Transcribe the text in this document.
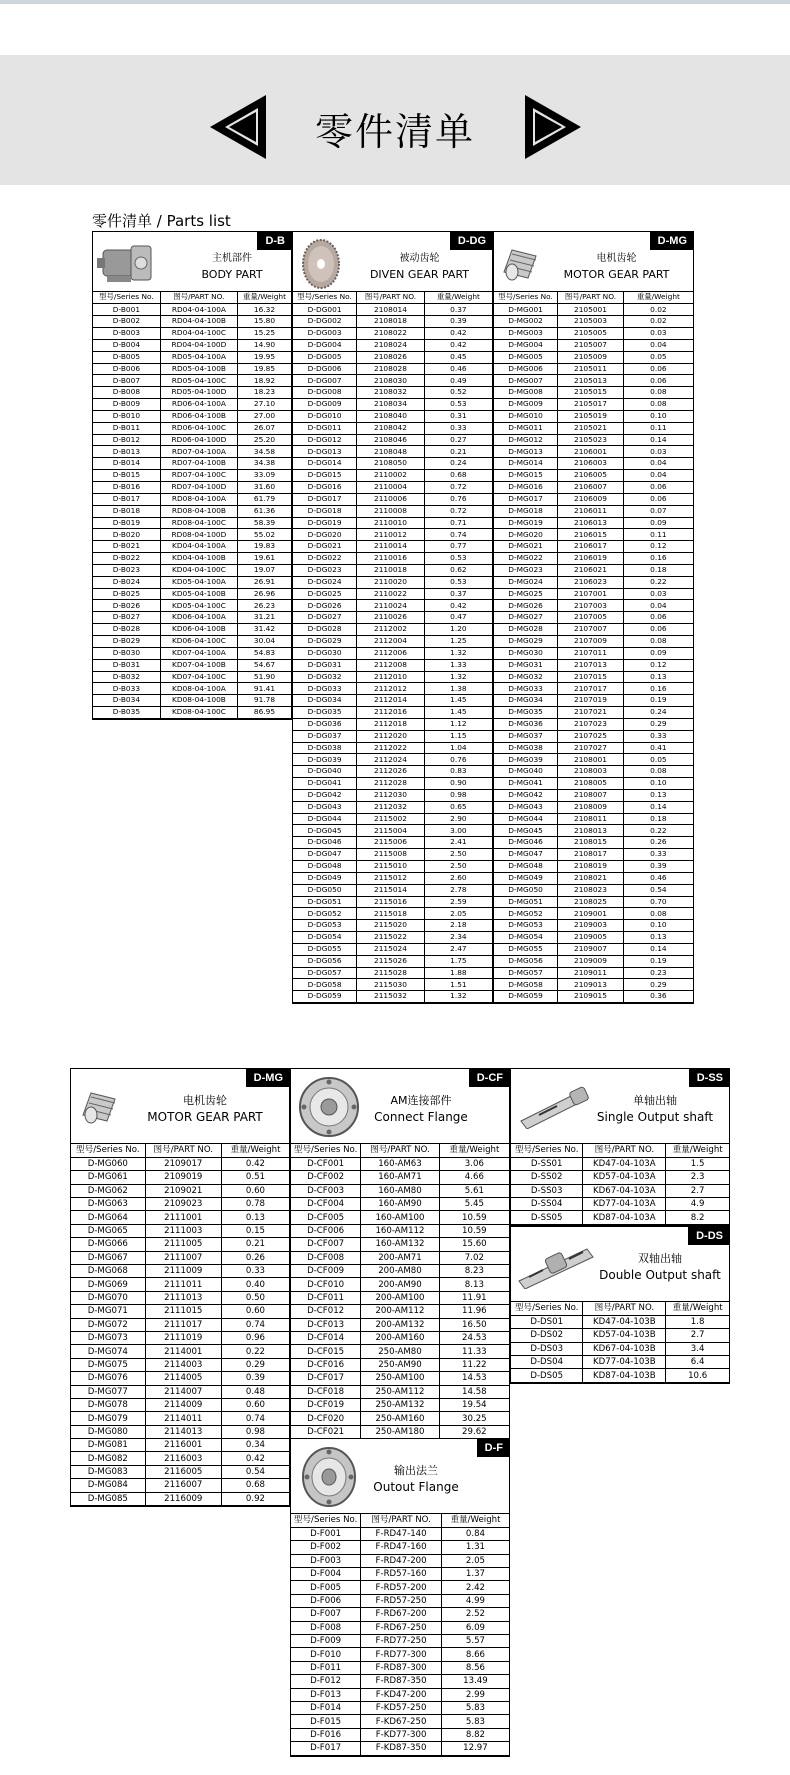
零件清单
零件清单 / Parts list
D-B
主机部件
BODY PART
型号/Series No.	图号/PART NO.	重量/Weight
D-B001	RD04-04-100A	16.32
D-B002	RD04-04-100B	15.80
D-B003	RD04-04-100C	15.25
D-B004	RD04-04-100D	14.90
D-B005	RD05-04-100A	19.95
D-B006	RD05-04-100B	19.85
D-B007	RD05-04-100C	18.92
D-B008	RD05-04-100D	18.23
D-B009	RD06-04-100A	27.10
D-B010	RD06-04-100B	27.00
D-B011	RD06-04-100C	26.07
D-B012	RD06-04-100D	25.20
D-B013	RD07-04-100A	34.58
D-B014	RD07-04-100B	34.38
D-B015	RD07-04-100C	33.09
D-B016	RD07-04-100D	31.60
D-B017	RD08-04-100A	61.79
D-B018	RD08-04-100B	61.36
D-B019	RD08-04-100C	58.39
D-B020	RD08-04-100D	55.02
D-B021	KD04-04-100A	19.83
D-B022	KD04-04-100B	19.61
D-B023	KD04-04-100C	19.07
D-B024	KD05-04-100A	26.91
D-B025	KD05-04-100B	26.96
D-B026	KD05-04-100C	26.23
D-B027	KD06-04-100A	31.21
D-B028	KD06-04-100B	31.42
D-B029	KD06-04-100C	30.04
D-B030	KD07-04-100A	54.83
D-B031	KD07-04-100B	54.67
D-B032	KD07-04-100C	51.90
D-B033	KD08-04-100A	91.41
D-B034	KD08-04-100B	91.78
D-B035	KD08-04-100C	86.95
D-DG
被动齿轮
DIVEN GEAR PART
型号/Series No.	图号/PART NO.	重量/Weight
D-DG001	2108014	0.37
D-DG002	2108018	0.39
D-DG003	2108022	0.42
D-DG004	2108024	0.42
D-DG005	2108026	0.45
D-DG006	2108028	0.46
D-DG007	2108030	0.49
D-DG008	2108032	0.52
D-DG009	2108034	0.53
D-DG010	2108040	0.31
D-DG011	2108042	0.33
D-DG012	2108046	0.27
D-DG013	2108048	0.21
D-DG014	2108050	0.24
D-DG015	2110002	0.68
D-DG016	2110004	0.72
D-DG017	2110006	0.76
D-DG018	2110008	0.72
D-DG019	2110010	0.71
D-DG020	2110012	0.74
D-DG021	2110014	0.77
D-DG022	2110016	0.53
D-DG023	2110018	0.62
D-DG024	2110020	0.53
D-DG025	2110022	0.37
D-DG026	2110024	0.42
D-DG027	2110026	0.47
D-DG028	2112002	1.20
D-DG029	2112004	1.25
D-DG030	2112006	1.32
D-DG031	2112008	1.33
D-DG032	2112010	1.32
D-DG033	2112012	1.38
D-DG034	2112014	1.45
D-DG035	2112016	1.45
D-DG036	2112018	1.12
D-DG037	2112020	1.15
D-DG038	2112022	1.04
D-DG039	2112024	0.76
D-DG040	2112026	0.83
D-DG041	2112028	0.90
D-DG042	2112030	0.98
D-DG043	2112032	0.65
D-DG044	2115002	2.90
D-DG045	2115004	3.00
D-DG046	2115006	2.41
D-DG047	2115008	2.50
D-DG048	2115010	2.50
D-DG049	2115012	2.60
D-DG050	2115014	2.78
D-DG051	2115016	2.59
D-DG052	2115018	2.05
D-DG053	2115020	2.18
D-DG054	2115022	2.34
D-DG055	2115024	2.47
D-DG056	2115026	1.75
D-DG057	2115028	1.88
D-DG058	2115030	1.51
D-DG059	2115032	1.32
D-MG
电机齿轮
MOTOR GEAR PART
型号/Series No.	图号/PART NO.	重量/Weight
D-MG001	2105001	0.02
D-MG002	2105003	0.02
D-MG003	2105005	0.03
D-MG004	2105007	0.04
D-MG005	2105009	0.05
D-MG006	2105011	0.06
D-MG007	2105013	0.06
D-MG008	2105015	0.08
D-MG009	2105017	0.08
D-MG010	2105019	0.10
D-MG011	2105021	0.11
D-MG012	2105023	0.14
D-MG013	2106001	0.03
D-MG014	2106003	0.04
D-MG015	2106005	0.04
D-MG016	2106007	0.06
D-MG017	2106009	0.06
D-MG018	2106011	0.07
D-MG019	2106013	0.09
D-MG020	2106015	0.11
D-MG021	2106017	0.12
D-MG022	2106019	0.16
D-MG023	2106021	0.18
D-MG024	2106023	0.22
D-MG025	2107001	0.03
D-MG026	2107003	0.04
D-MG027	2107005	0.06
D-MG028	2107007	0.06
D-MG029	2107009	0.08
D-MG030	2107011	0.09
D-MG031	2107013	0.12
D-MG032	2107015	0.13
D-MG033	2107017	0.16
D-MG034	2107019	0.19
D-MG035	2107021	0.24
D-MG036	2107023	0.29
D-MG037	2107025	0.33
D-MG038	2107027	0.41
D-MG039	2108001	0.05
D-MG040	2108003	0.08
D-MG041	2108005	0.10
D-MG042	2108007	0.13
D-MG043	2108009	0.14
D-MG044	2108011	0.18
D-MG045	2108013	0.22
D-MG046	2108015	0.26
D-MG047	2108017	0.33
D-MG048	2108019	0.39
D-MG049	2108021	0.46
D-MG050	2108023	0.54
D-MG051	2108025	0.70
D-MG052	2109001	0.08
D-MG053	2109003	0.10
D-MG054	2109005	0.13
D-MG055	2109007	0.14
D-MG056	2109009	0.19
D-MG057	2109011	0.23
D-MG058	2109013	0.29
D-MG059	2109015	0.36
D-MG
电机齿轮
MOTOR GEAR PART
型号/Series No.	图号/PART NO.	重量/Weight
D-MG060	2109017	0.42
D-MG061	2109019	0.51
D-MG062	2109021	0.60
D-MG063	2109023	0.78
D-MG064	2111001	0.13
D-MG065	2111003	0.15
D-MG066	2111005	0.21
D-MG067	2111007	0.26
D-MG068	2111009	0.33
D-MG069	2111011	0.40
D-MG070	2111013	0.50
D-MG071	2111015	0.60
D-MG072	2111017	0.74
D-MG073	2111019	0.96
D-MG074	2114001	0.22
D-MG075	2114003	0.29
D-MG076	2114005	0.39
D-MG077	2114007	0.48
D-MG078	2114009	0.60
D-MG079	2114011	0.74
D-MG080	2114013	0.98
D-MG081	2116001	0.34
D-MG082	2116003	0.42
D-MG083	2116005	0.54
D-MG084	2116007	0.68
D-MG085	2116009	0.92
D-CF
AM连接部件
Connect Flange
型号/Series No.	图号/PART NO.	重量/Weight
D-CF001	160-AM63	3.06
D-CF002	160-AM71	4.66
D-CF003	160-AM80	5.61
D-CF004	160-AM90	5.45
D-CF005	160-AM100	10.59
D-CF006	160-AM112	10.59
D-CF007	160-AM132	15.60
D-CF008	200-AM71	7.02
D-CF009	200-AM80	8.23
D-CF010	200-AM90	8.13
D-CF011	200-AM100	11.91
D-CF012	200-AM112	11.96
D-CF013	200-AM132	16.50
D-CF014	200-AM160	24.53
D-CF015	250-AM80	11.33
D-CF016	250-AM90	11.22
D-CF017	250-AM100	14.53
D-CF018	250-AM112	14.58
D-CF019	250-AM132	19.54
D-CF020	250-AM160	30.25
D-CF021	250-AM180	29.62
D-SS
单轴出轴
Single Output shaft
型号/Series No.	图号/PART NO.	重量/Weight
D-SS01	KD47-04-103A	1.5
D-SS02	KD57-04-103A	2.3
D-SS03	KD67-04-103A	2.7
D-SS04	KD77-04-103A	4.9
D-SS05	KD87-04-103A	8.2
D-DS
双轴出轴
Double Output shaft
型号/Series No.	图号/PART NO.	重量/Weight
D-DS01	KD47-04-103B	1.8
D-DS02	KD57-04-103B	2.7
D-DS03	KD67-04-103B	3.4
D-DS04	KD77-04-103B	6.4
D-DS05	KD87-04-103B	10.6
D-F
输出法兰
Outout Flange
型号/Series No.	图号/PART NO.	重量/Weight
D-F001	F-RD47-140	0.84
D-F002	F-RD47-160	1.31
D-F003	F-RD47-200	2.05
D-F004	F-RD57-160	1.37
D-F005	F-RD57-200	2.42
D-F006	F-RD57-250	4.99
D-F007	F-RD67-200	2.52
D-F008	F-RD67-250	6.09
D-F009	F-RD77-250	5.57
D-F010	F-RD77-300	8.66
D-F011	F-RD87-300	8.56
D-F012	F-RD87-350	13.49
D-F013	F-KD47-200	2.99
D-F014	F-KD57-250	5.83
D-F015	F-KD67-250	5.83
D-F016	F-KD77-300	8.82
D-F017	F-KD87-350	12.97
